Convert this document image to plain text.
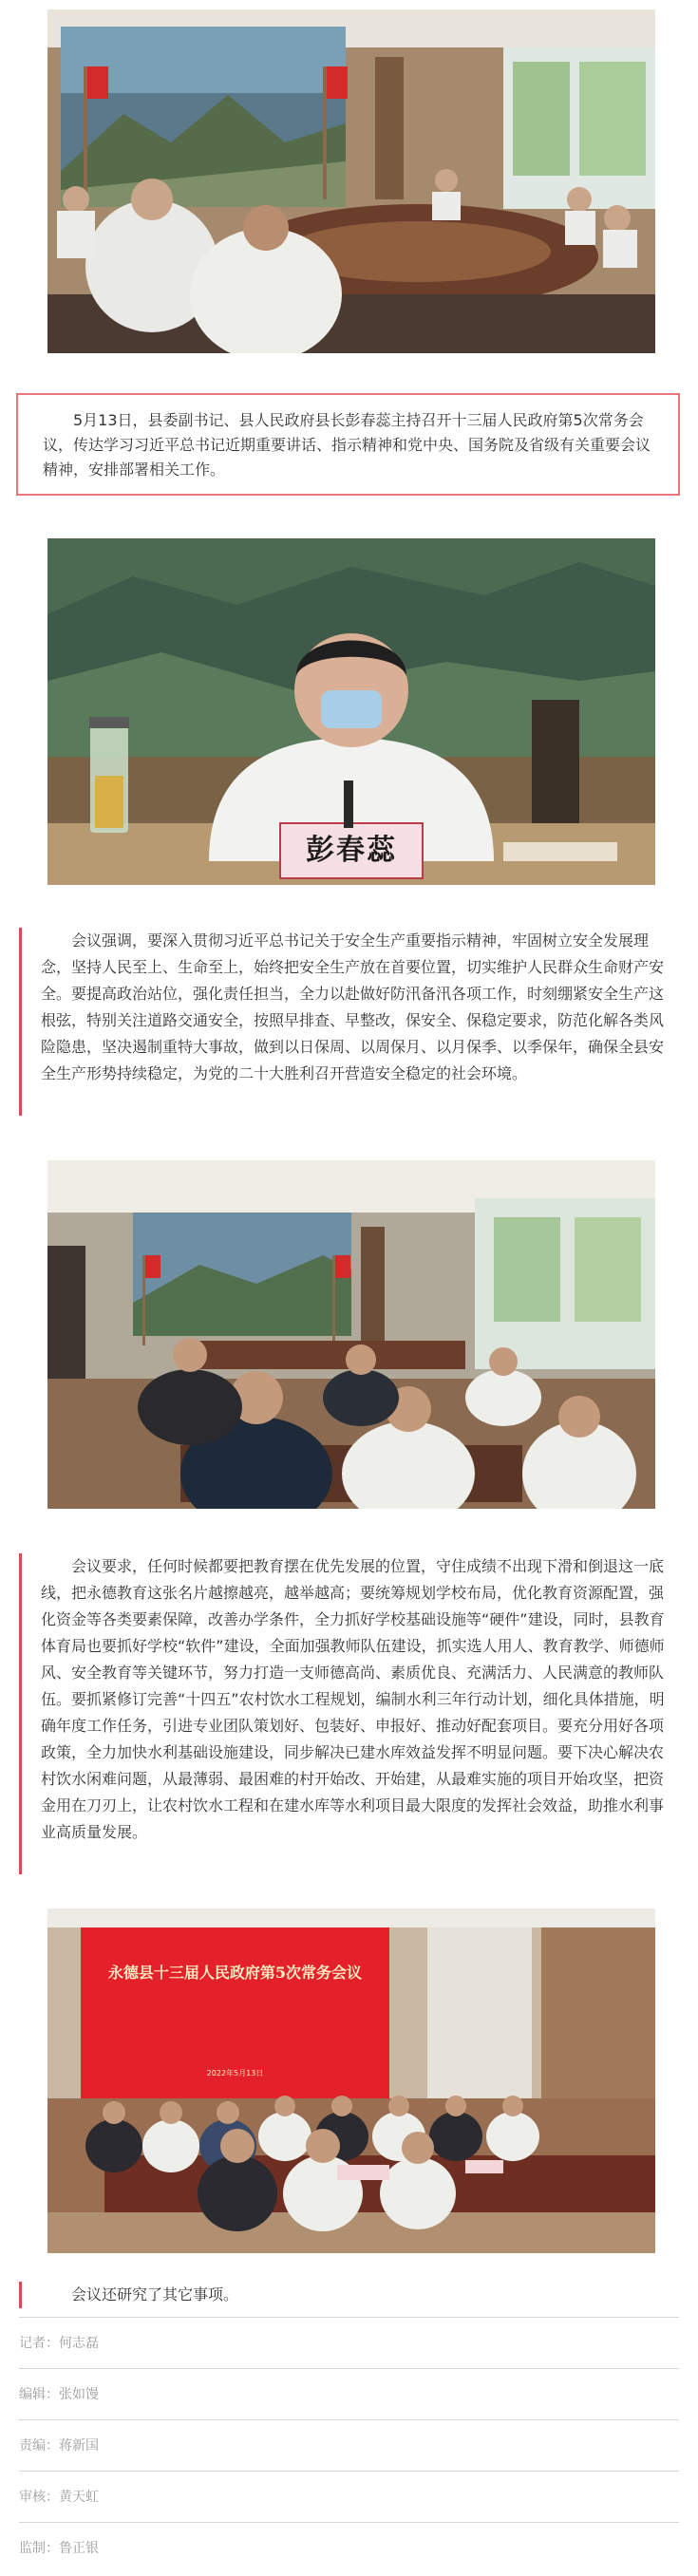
5月13日，县委副书记、县人民政府县长彭春蕊主持召开十三届人民政府第5次常务会议，传达学习习近平总书记近期重要讲话、指示精神和党中央、国务院及省级有关重要会议精神，安排部署相关工作。
彭春蕊
会议强调，要深入贯彻习近平总书记关于安全生产重要指示精神，牢固树立安全发展理念，坚持人民至上、生命至上，始终把安全生产放在首要位置，切实维护人民群众生命财产安全。要提高政治站位，强化责任担当，全力以赴做好防汛备汛各项工作，时刻绷紧安全生产这根弦，特别关注道路交通安全，按照早排查、早整改，保安全、保稳定要求，防范化解各类风险隐患，坚决遏制重特大事故，做到以日保周、以周保月、以月保季、以季保年，确保全县安全生产形势持续稳定，为党的二十大胜利召开营造安全稳定的社会环境。
会议要求，任何时候都要把教育摆在优先发展的位置，守住成绩不出现下滑和倒退这一底线，把永德教育这张名片越擦越亮，越举越高；要统筹规划学校布局，优化教育资源配置，强化资金等各类要素保障，改善办学条件，全力抓好学校基础设施等“硬件”建设，同时，县教育体育局也要抓好学校“软件”建设，全面加强教师队伍建设，抓实选人用人、教育教学、师德师风、安全教育等关键环节，努力打造一支师德高尚、素质优良、充满活力、人民满意的教师队伍。要抓紧修订完善“十四五”农村饮水工程规划，编制水利三年行动计划，细化具体措施，明确年度工作任务，引进专业团队策划好、包装好、申报好、推动好配套项目。要充分用好各项政策，全力加快水利基础设施建设，同步解决已建水库效益发挥不明显问题。要下决心解决农村饮水闲难问题，从最薄弱、最困难的村开始改、开始建，从最难实施的项目开始攻坚，把资金用在刀刃上，让农村饮水工程和在建水库等水利项目最大限度的发挥社会效益，助推水利事业高质量发展。
永德县十三届人民政府第5次常务会议
2022年5月13日
会议还研究了其它事项。
记者：何志磊
编辑：张如馒
责编：蒋新国
审核：黄天虹
监制：鲁正银
